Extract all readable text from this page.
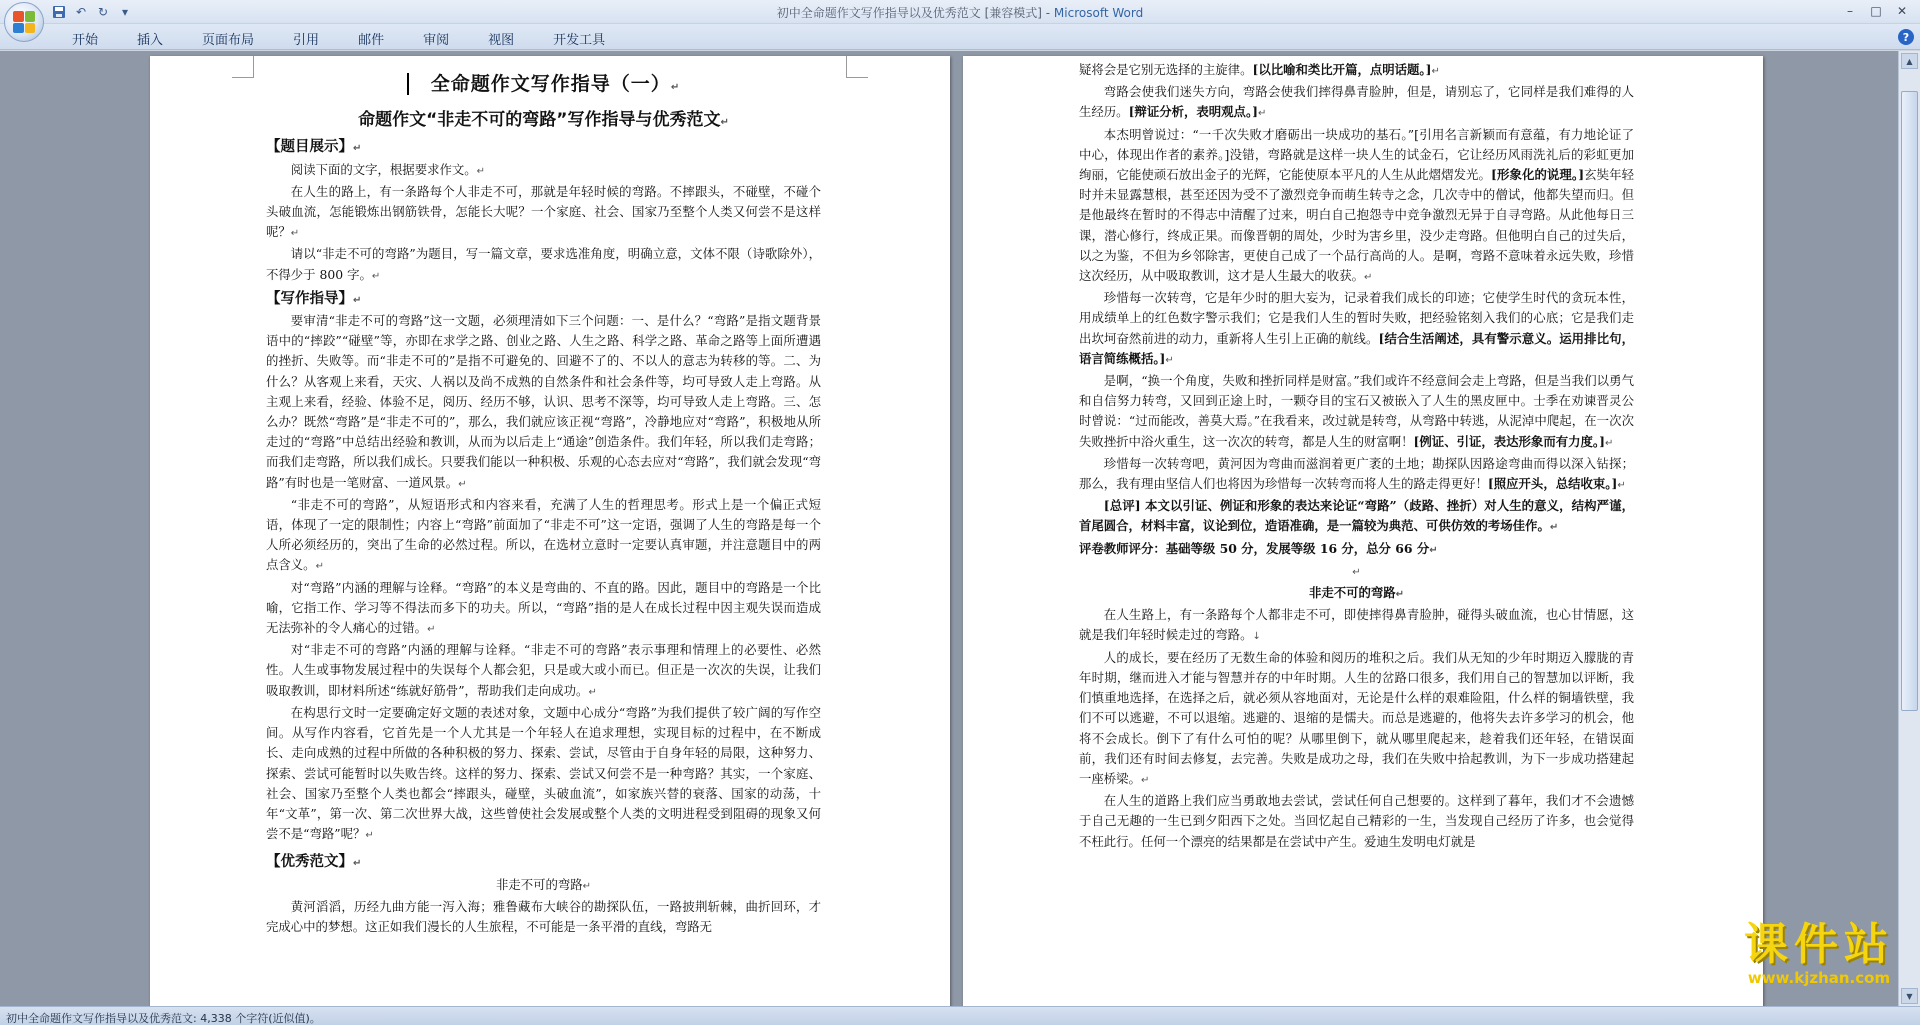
↶ ↻	▾	初中全命题作文写作指导以及优秀范文 [兼容模式] - Microsoft Word	–	□	✕
开始	插入	页面布局	引用	邮件	审阅	视图	开发工具	?
全命题作文写作指导（一）↵
命题作文“非走不可的弯路”写作指导与优秀范文↵
【题目展示】↵

阅读下面的文字，根据要求作文。↵

在人生的路上，有一条路每个人非走不可，那就是年轻时候的弯路。不摔跟头，不碰壁，不碰个头破血流，怎能锻炼出钢筋铁骨，怎能长大呢？一个家庭、社会、国家乃至整个人类又何尝不是这样呢？↵

请以“非走不可的弯路”为题目，写一篇文章，要求选准角度，明确立意，文体不限（诗歌除外），不得少于 800 字。↵

【写作指导】↵

要审清“非走不可的弯路”这一文题，必须理清如下三个问题：一、是什么？“弯路”是指文题背景语中的“摔跤”“碰壁”等，亦即在求学之路、创业之路、人生之路、科学之路、革命之路等上面所遭遇的挫折、失败等。而“非走不可的”是指不可避免的、回避不了的、不以人的意志为转移的等。二、为什么？从客观上来看，天灾、人祸以及尚不成熟的自然条件和社会条件等，均可导致人走上弯路。从主观上来看，经验、体验不足，阅历、经历不够，认识、思考不深等，均可导致人走上弯路。三、怎么办？既然“弯路”是“非走不可的”，那么，我们就应该正视“弯路”，冷静地应对“弯路”，积极地从所走过的“弯路”中总结出经验和教训，从而为以后走上“通途”创造条件。我们年轻，所以我们走弯路；而我们走弯路，所以我们成长。只要我们能以一种积极、乐观的心态去应对“弯路”，我们就会发现“弯路”有时也是一笔财富、一道风景。↵

“非走不可的弯路”，从短语形式和内容来看，充满了人生的哲理思考。形式上是一个偏正式短语，体现了一定的限制性；内容上“弯路”前面加了“非走不可”这一定语，强调了人生的弯路是每一个人所必须经历的，突出了生命的必然过程。所以，在选材立意时一定要认真审题，并注意题目中的两点含义。↵

对“弯路”内涵的理解与诠释。“弯路”的本义是弯曲的、不直的路。因此，题目中的弯路是一个比喻，它指工作、学习等不得法而多下的功夫。所以，“弯路”指的是人在成长过程中因主观失误而造成无法弥补的令人痛心的过错。↵

对“非走不可的弯路”内涵的理解与诠释。“非走不可的弯路”表示事理和情理上的必要性、必然性。人生或事物发展过程中的失误每个人都会犯，只是或大或小而已。但正是一次次的失误，让我们吸取教训，即材料所述“练就好筋骨”，帮助我们走向成功。↵

在构思行文时一定要确定好文题的表述对象，文题中心成分“弯路”为我们提供了较广阔的写作空间。从写作内容看，它首先是一个人尤其是一个年轻人在追求理想，实现目标的过程中，在不断成长、走向成熟的过程中所做的各种积极的努力、探索、尝试，尽管由于自身年轻的局限，这种努力、探索、尝试可能暂时以失败告终。这样的努力、探索、尝试又何尝不是一种弯路？其实，一个家庭、社会、国家乃至整个人类也都会“摔跟头，碰壁，头破血流”，如家族兴替的衰落、国家的动荡，十年“文革”，第一次、第二次世界大战，这些曾使社会发展或整个人类的文明进程受到阻碍的现象又何尝不是“弯路”呢？↵

【优秀范文】↵

非走不可的弯路↵

黄河滔滔，历经九曲方能一泻入海；雅鲁藏布大峡谷的勘探队伍，一路披荆斩棘，曲折回环，才完成心中的梦想。这正如我们漫长的人生旅程，不可能是一条平滑的直线，弯路无

疑将会是它别无选择的主旋律。[以比喻和类比开篇，点明话题。]↵

弯路会使我们迷失方向，弯路会使我们摔得鼻青脸肿，但是，请别忘了，它同样是我们难得的人生经历。[辩证分析，表明观点。]↵

本杰明曾说过：“一千次失败才磨砺出一块成功的基石。”[引用名言新颖而有意蕴，有力地论证了中心，体现出作者的素养。]没错，弯路就是这样一块人生的试金石，它让经历风雨洗礼后的彩虹更加绚丽，它能使顽石放出金子的光辉，它能使原本平凡的人生从此熠熠发光。[形象化的说理。]玄奘年轻时并未显露慧根，甚至还因为受不了激烈竞争而萌生转寺之念，几次寺中的僧试，他都失望而归。但是他最终在暂时的不得志中清醒了过来，明白自己抱怨寺中竞争激烈无异于自寻弯路。从此他每日三课，潜心修行，终成正果。而像晋朝的周处，少时为害乡里，没少走弯路。但他明白自己的过失后，以之为鉴，不但为乡邻除害，更使自己成了一个品行高尚的人。是啊，弯路不意味着永远失败，珍惜这次经历，从中吸取教训，这才是人生最大的收获。↵

珍惜每一次转弯，它是年少时的胆大妄为，记录着我们成长的印迹；它使学生时代的贪玩本性，用成绩单上的红色数字警示我们；它是我们人生的暂时失败，把经验铭刻入我们的心底；它是我们走出坎坷奋然前进的动力，重新将人生引上正确的航线。[结合生活阐述，具有警示意义。运用排比句，语言简练概括。]↵

是啊，“换一个角度，失败和挫折同样是财富。”我们或许不经意间会走上弯路，但是当我们以勇气和自信努力转弯，又回到正途上时，一颗夺目的宝石又被嵌入了人生的黑皮匣中。士季在劝谏晋灵公时曾说：“过而能改，善莫大焉。”在我看来，改过就是转弯，从弯路中转逃，从泥淖中爬起，在一次次失败挫折中浴火重生，这一次次的转弯，都是人生的财富啊！[例证、引证，表达形象而有力度。]↵

珍惜每一次转弯吧，黄河因为弯曲而滋润着更广袤的土地；勘探队因路途弯曲而得以深入钻探；那么，我有理由坚信人们也将因为珍惜每一次转弯而将人生的路走得更好！[照应开头，总结收束。]↵

[总评] 本文以引证、例证和形象的表达来论证“弯路”（歧路、挫折）对人生的意义，结构严谨，首尾圆合，材料丰富，议论到位，造语准确，是一篇较为典范、可供仿效的考场佳作。↵

评卷教师评分：基础等级 50 分，发展等级 16 分，总分 66 分↵

↵

非走不可的弯路↵

在人生路上，有一条路每个人都非走不可，即使摔得鼻青脸肿，碰得头破血流，也心甘情愿，这就是我们年轻时候走过的弯路。↓

人的成长，要在经历了无数生命的体验和阅历的堆积之后。我们从无知的少年时期迈入朦胧的青年时期，继而进入才能与智慧并存的中年时期。人生的岔路口很多，我们用自己的智慧加以评断，我们慎重地选择，在选择之后，就必须从容地面对，无论是什么样的艰难险阻，什么样的铜墙铁壁，我们不可以逃避，不可以退缩。逃避的、退缩的是懦夫。而总是逃避的，他将失去许多学习的机会，他将不会成长。倒下了有什么可怕的呢？从哪里倒下，就从哪里爬起来，趁着我们还年轻，在错误面前，我们还有时间去修复，去完善。失败是成功之母，我们在失败中拾起教训，为下一步成功搭建起一座桥梁。↵

在人生的道路上我们应当勇敢地去尝试，尝试任何自己想要的。这样到了暮年，我们才不会遗憾于自己无趣的一生已到夕阳西下之处。当回忆起自己精彩的一生，当发现自己经历了许多，也会觉得不枉此行。任何一个漂亮的结果都是在尝试中产生。爱迪生发明电灯就是

▲
▼
初中全命题作文写作指导以及优秀范文: 4,338 个字符(近似值)。
课件站
www.kjzhan.com
